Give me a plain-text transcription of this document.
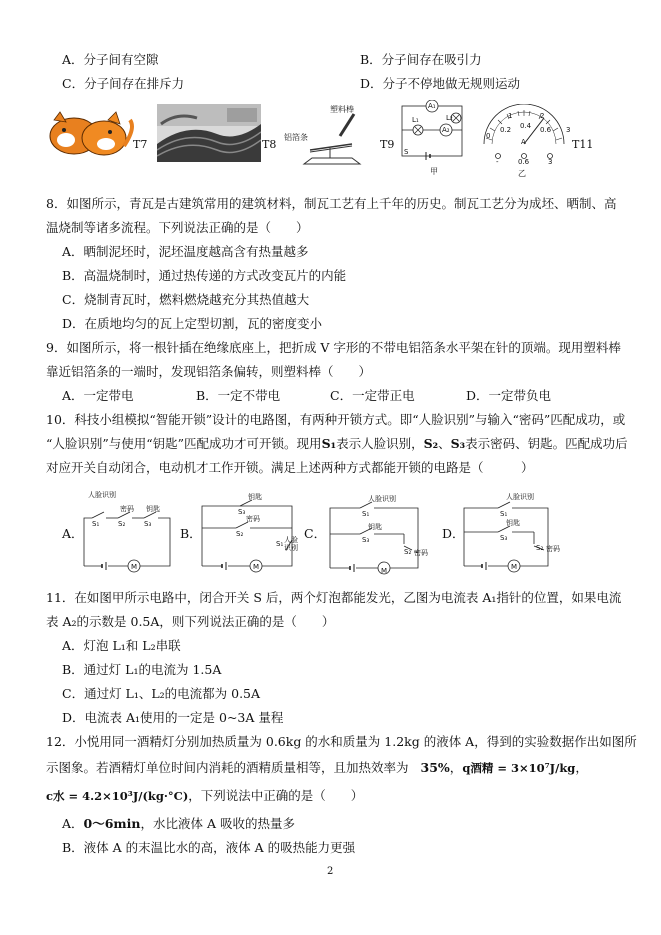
A．分子间有空隙	B．分子间存在吸引力
C．分子间存在排斥力	D．分子不停地做无规则运动
T7	T8
塑料棒
铝箔条
T9
A₁
A₂
L₁	L₂
S
甲
0
1	2
3
0.2 0.4 0.6
A
-	0.6	3
乙
T11
8．如图所示，青瓦是古建筑常用的建筑材料，制瓦工艺有上千年的历史。制瓦工艺分为成坯、晒制、高
温烧制等诸多流程。下列说法正确的是（　　）
A．晒制泥坯时，泥坯温度越高含有热量越多
B．高温烧制时，通过热传递的方式改变瓦片的内能
C．烧制青瓦时，燃料燃烧越充分其热值越大
D．在质地均匀的瓦上定型切割，瓦的密度变小
9．如图所示，将一根针插在绝缘底座上，把折成 V 字形的不带电铝箔条水平架在针的顶端。现用塑料棒
靠近铝箔条的一端时，发现铝箔条偏转，则塑料棒（　　）
A．一定带电	B．一定不带电	C．一定带正电	D．一定带负电
10．科技小组模拟“智能开锁”设计的电路图，有两种开锁方式。即“人脸识别”与输入“密码”匹配成功，或
“人脸识别”与使用“钥匙”匹配成功才可开锁。现用S₁表示人脸识别，S₂、S₃表示密码、钥匙。匹配成功后
对应开关自动闭合，电动机才工作开锁。满足上述两种方式都能开锁的电路是（　　　）
A．	B．	C．	D．
人脸识别
密码 钥匙
S₁	S₂	S₃
M
钥匙
S₃
密码
S₂
S₁ 人脸识别
M
人脸识别
S₁
钥匙
S₃
S₂ 密码
M
人脸识别
S₁
钥匙
S₃
S₂ 密码
M
11．在如图甲所示电路中，闭合开关 S 后，两个灯泡都能发光，乙图为电流表 A₁指针的位置，如果电流
表 A₂的示数是 0.5A，则下列说法正确的是（　　）
A．灯泡 L₁和 L₂串联
B．通过灯 L₁的电流为 1.5A
C．通过灯 L₁、L₂的电流都为 0.5A
D．电流表 A₁使用的一定是 0~3A 量程
12．小悦用同一酒精灯分别加热质量为 0.6kg 的水和质量为 1.2kg 的液体 A，得到的实验数据作出如图所
示图象。若酒精灯单位时间内消耗的酒精质量相等，且加热效率为 35%，q酒精 = 3×10⁷J/kg，
c水 = 4.2×10³J/(kg·°C)，下列说法中正确的是（　　）
A．0～6min，水比液体 A 吸收的热量多
B．液体 A 的末温比水的高，液体 A 的吸热能力更强
2
